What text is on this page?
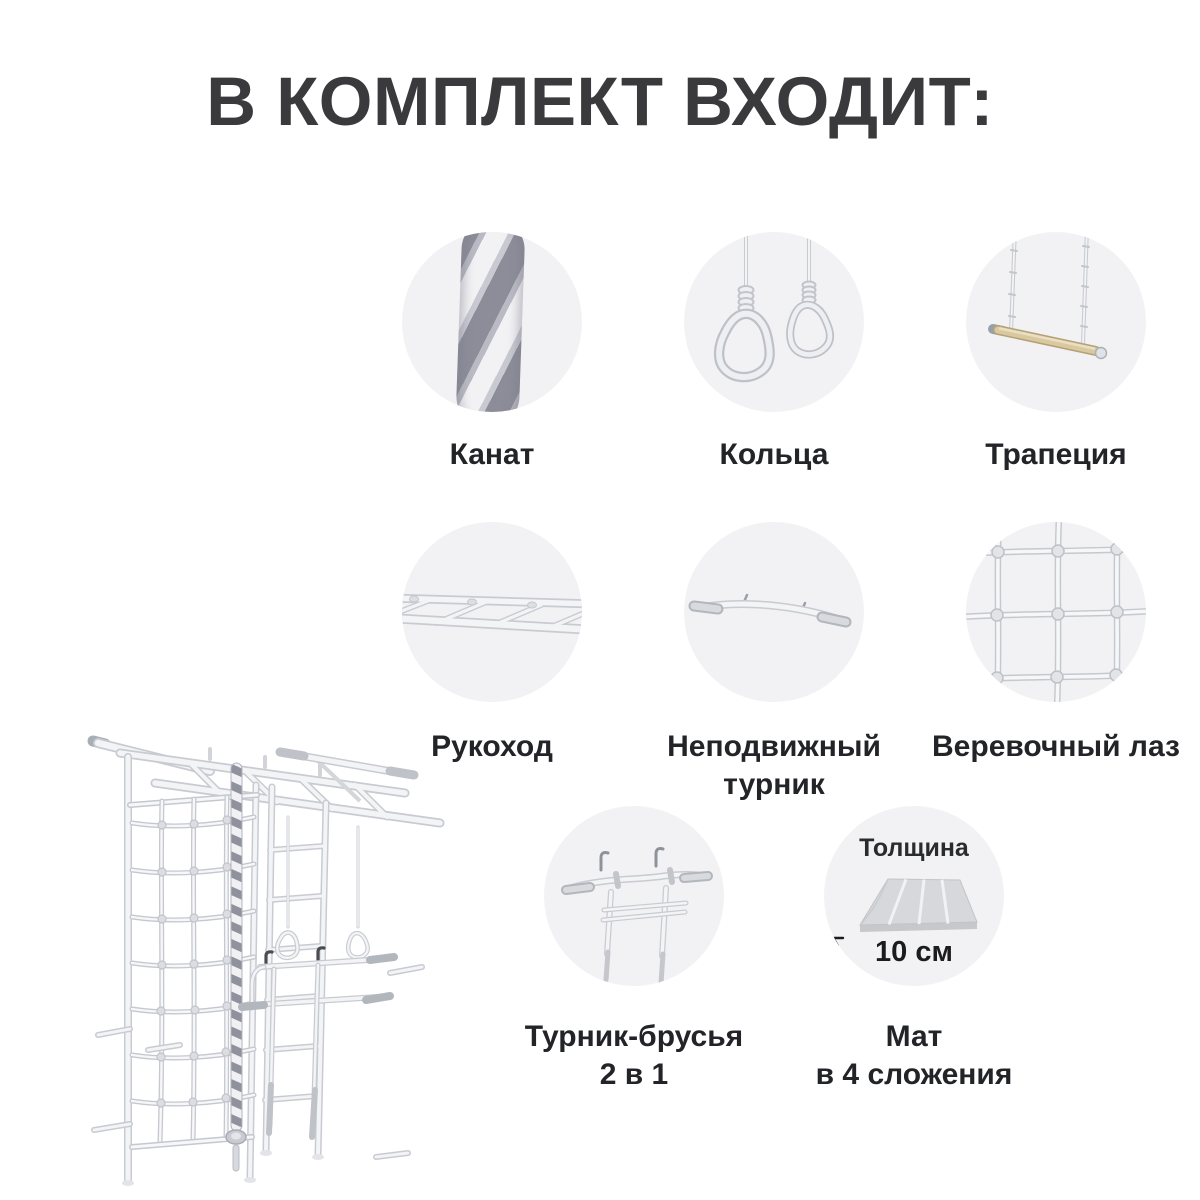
В КОМПЛЕКТ ВХОДИТ:
Канат	Кольца	Трапеция
Рукоход	Неподвижный
турник
Веревочный лаз
Турник-брусья
2 в 1
Толщина
10 см
Мат
в 4 сложения
